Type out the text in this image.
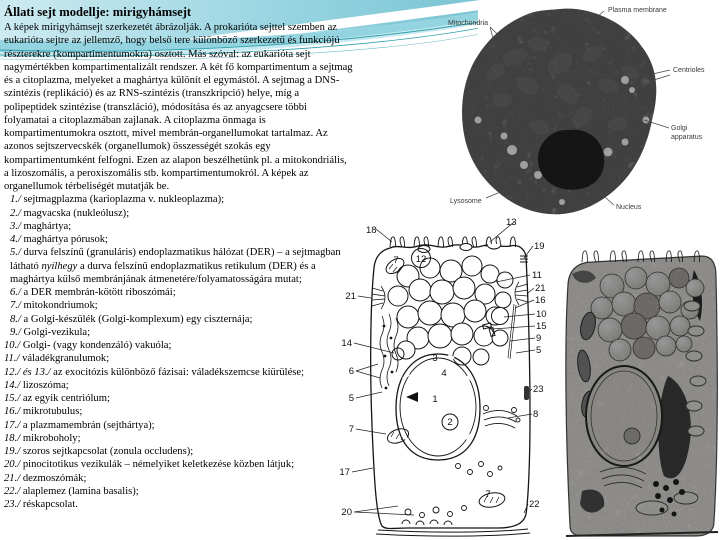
Plasma membrane
Mitochondria
Centrioles
Golgi
apparatus
Lysosome
Nucleus
18
13
19
11
21
16
10
15
9
5
23
8
22
21
14
6
5
7
17
20
12
7
3
4
1
2
7
Állati sejt modellje: mirigyhámsejt

A képek mirigyhámsejt szerkezetét ábrázolják. A prokarióta sejttel szemben az eukarióta sejtre az jellemző, hogy belső tere különböző szerkezetű és funkciójú részterekre (kompartimentumokra) osztott. Más szóval: az eukarióta sejt nagymértékben kompartimentalizált rendszer. A két fő kompartimentum a sejtmag és a citoplazma, melyeket a maghártya különít el egymástól. A sejtmag a DNS-szintézis (replikáció) és az RNS-szintézis (transzkripció) helye, míg a polipeptidek szintézise (transzláció), módosítása és az anyagcsere többi folyamatai a citoplazmában zajlanak. A citoplazma önmaga is kompartimentumokra osztott, mivel membrán-organellumokat tartalmaz. Az azonos sejtszervecskék (organellumok) összességét szokás egy kompartimentumként felfogni. Ezen az alapon beszélhetünk pl. a mitokondriális, a lizoszomális, a peroxiszomális stb. kompartimentumokról. A képek az organellumok térbeliségét mutatják be.

1./ sejtmagplazma (karioplazma v. nukleoplazma);
2./ magvacska (nukleólusz);
3./ maghártya;
4./ maghártya pórusok;
5./ durva felszínű (granuláris) endoplazmatikus hálózat (DER) – a sejtmagban látható nyílhegy a durva felszínű endoplazmatikus retikulum (DER) és a maghártya külső membránjának átmenetére/folyamatosságára mutat;
6./ a DER membrán-kötött riboszómái;
7./ mitokondriumok;
8./ a Golgi-készülék (Golgi-komplexum) egy ciszternája;
9./ Golgi-vezikula;
10./ Golgi- (vagy kondenzáló) vakuóla;
11./ váladékgranulumok;
12./ és 13./ az exocitózis különböző fázisai: váladékszemcse kiürülése;
14./ lizoszóma;
15./ az egyik centriólum;
16./ mikrotubulus;
17./ a plazmamembrán (sejthártya);
18./ mikroboholy;
19./ szoros sejtkapcsolat (zonula occludens);
20./ pinocitotikus vezikulák – némelyiket keletkezése közben látjuk;
21./ dezmoszómák;
22./ alaplemez (lamina basalis);
23./ réskapcsolat.
